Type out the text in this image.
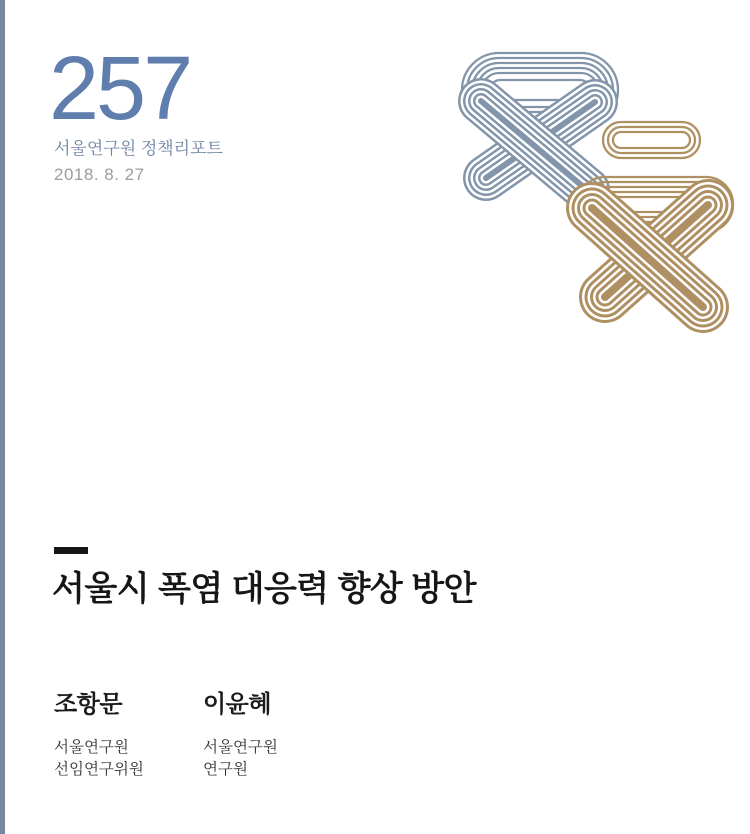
257
서울연구원 정책리포트
2018. 8. 27
서울시 폭염 대응력 향상 방안

조항문

서울연구원

선임연구위원

이윤혜

서울연구원

연구원
